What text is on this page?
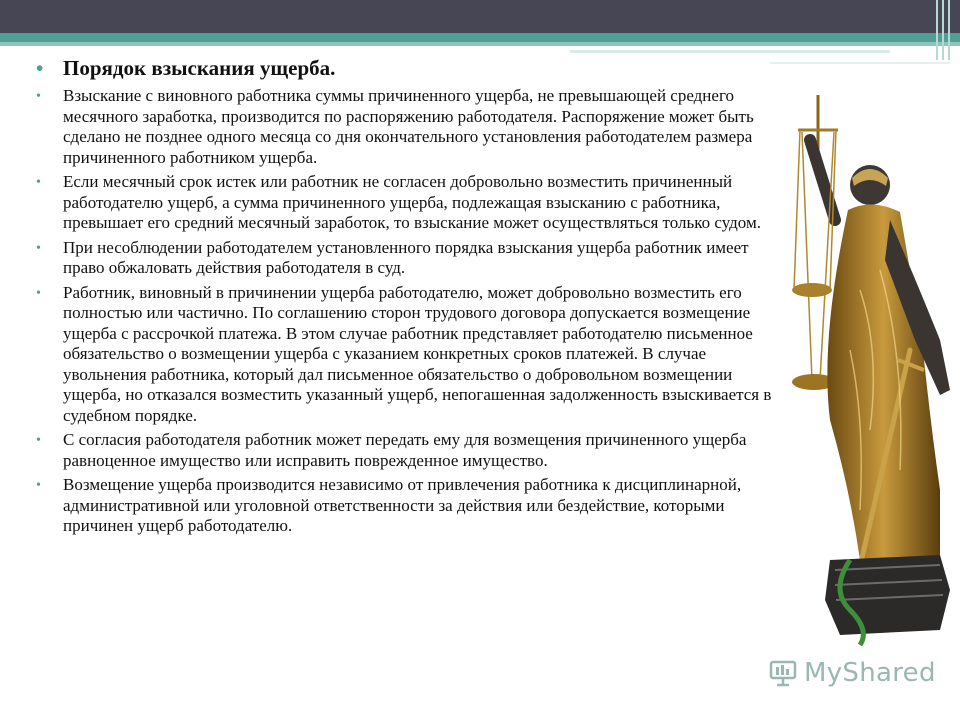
• Порядок взыскания ущерба.
• Взыскание с виновного работника суммы причиненного ущерба, не превышающей среднего месячного заработка, производится по распоряжению работодателя. Распоряжение может быть сделано не позднее одного месяца со дня окончательного установления работодателем размера причиненного работником ущерба.
• Если месячный срок истек или работник не согласен добровольно возместить причиненный работодателю ущерб, а сумма причиненного ущерба, подлежащая взысканию с работника, превышает его средний месячный заработок, то взыскание может осуществляться только судом.
• При несоблюдении работодателем установленного порядка взыскания ущерба работник имеет право обжаловать действия работодателя в суд.
• Работник, виновный в причинении ущерба работодателю, может добровольно возместить его полностью или частично. По соглашению сторон трудового договора допускается возмещение ущерба с рассрочкой платежа. В этом случае работник представляет работодателю письменное обязательство о возмещении ущерба с указанием конкретных сроков платежей. В случае увольнения работника, который дал письменное обязательство о добровольном возмещении ущерба, но отказался возместить указанный ущерб, непогашенная задолженность взыскивается в судебном порядке.
• С согласия работодателя работник может передать ему для возмещения причиненного ущерба равноценное имущество или исправить поврежденное имущество.
• Возмещение ущерба производится независимо от привлечения работника к дисциплинарной, административной или уголовной ответственности за действия или бездействие, которыми причинен ущерб работодателю.
MyShared
